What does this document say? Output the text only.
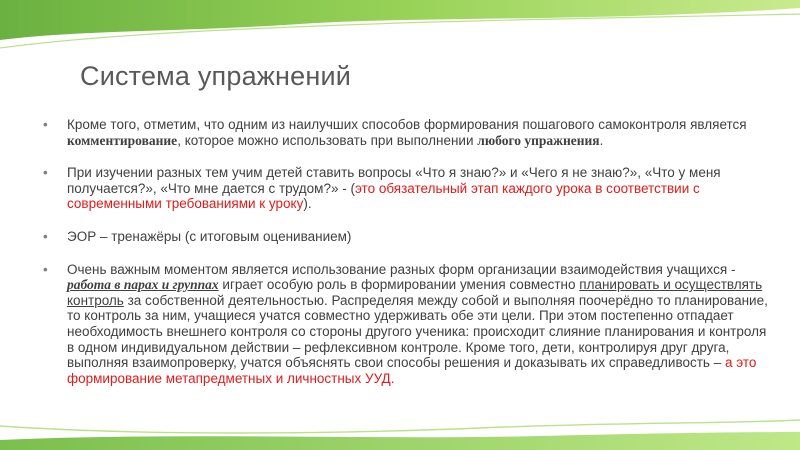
Система упражнений
• Кроме того, отметим, что одним из наилучших способов формирования пошагового самоконтроля является комментирование, которое можно использовать при выполнении любого упражнения.
• При изучении разных тем учим детей ставить вопросы «Что я знаю?» и «Чего я не знаю?», «Что у меня получается?», «Что мне дается с трудом?» - (это обязательный этап каждого урока в соответствии с современными требованиями к уроку).
• ЭОР – тренажёры (с итоговым оцениванием)
• Очень важным моментом является использование разных форм организации взаимодействия учащихся - работа в парах и группах играет особую роль в формировании умения совместно планировать и осуществлять контроль за собственной деятельностью. Распределяя между собой и выполняя поочерёдно то планирование, то контроль за ним, учащиеся учатся совместно удерживать обе эти цели. При этом постепенно отпадает необходимость внешнего контроля со стороны другого ученика: происходит слияние планирования и контроля в одном индивидуальном действии – рефлексивном контроле. Кроме того, дети, контролируя друг друга, выполняя взаимопроверку, учатся объяснять свои способы решения и доказывать их справедливость – а это формирование метапредметных и личностных УУД.
